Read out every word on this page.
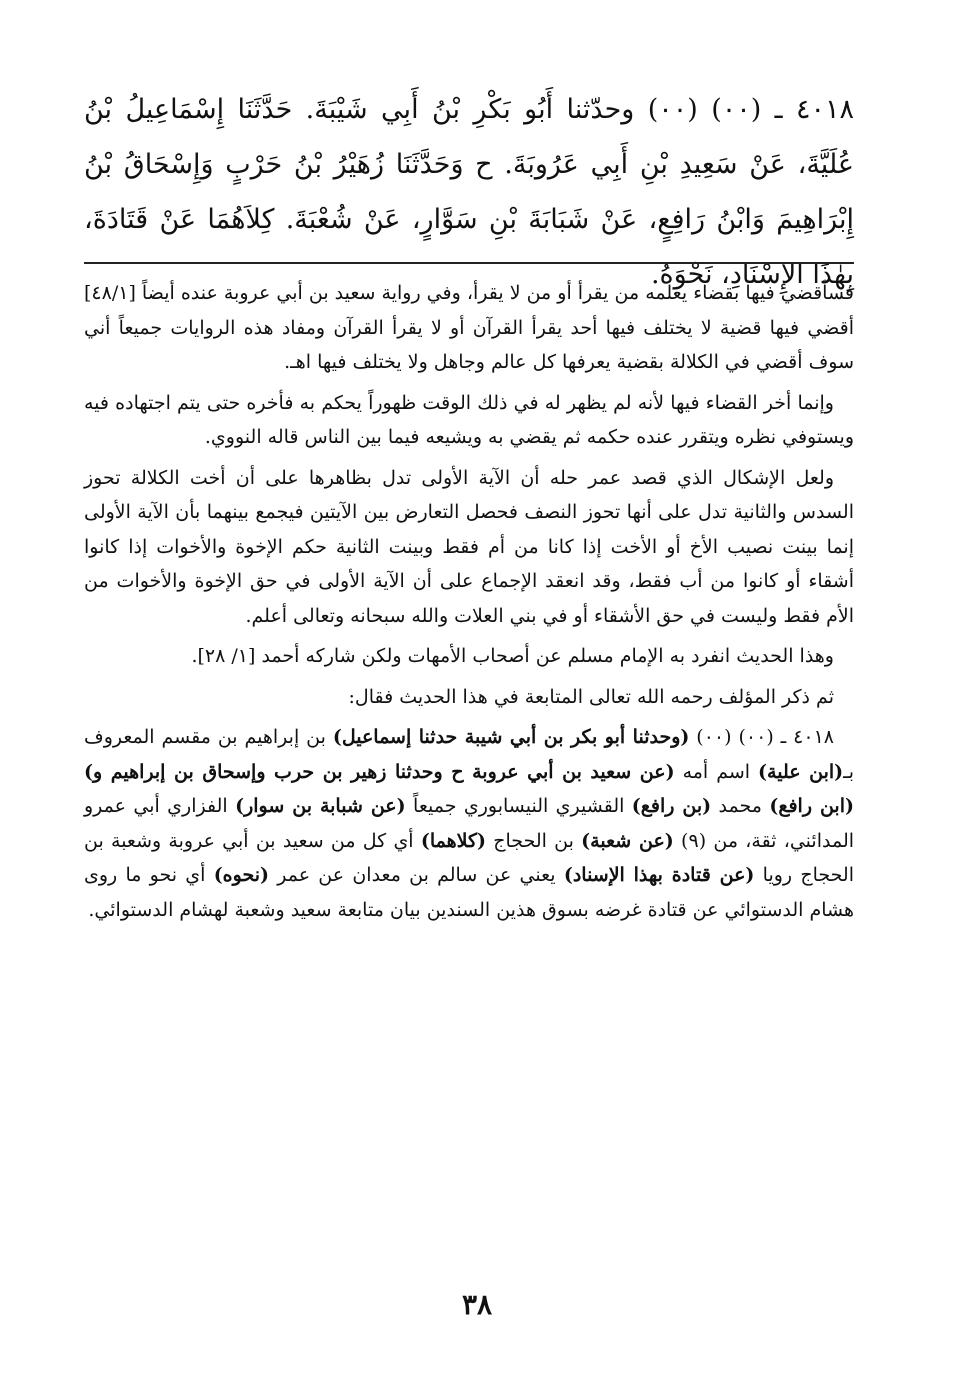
٤٠١٨ ـ (٠٠) (٠٠) وحدّثنا أَبُو بَكْرِ بْنُ أَبِي شَيْبَةَ. حَدَّثَنَا إِسْمَاعِيلُ بْنُ عُلَيَّةَ، عَنْ سَعِيدِ بْنِ أَبِي عَرُوبَةَ. ح وَحَدَّثَنَا زُهَيْرُ بْنُ حَرْبٍ وَإِسْحَاقُ بْنُ إِبْرَاهِيمَ وَابْنُ رَافِعٍ، عَنْ شَبَابَةَ بْنِ سَوَّارٍ، عَنْ شُعْبَةَ. كِلاَهُمَا عَنْ قَتَادَةَ، بِهٰذَا الإِسْنَادِ، نَحْوَهُ.

فسأقضي فيها بقضاء يعلمه من يقرأ أو من لا يقرأ، وفي رواية سعيد بن أبي عروبة عنده أيضاً [٤٨/١] أقضي فيها قضية لا يختلف فيها أحد يقرأ القرآن أو لا يقرأ القرآن ومفاد هذه الروايات جميعاً أني سوف أقضي في الكلالة بقضية يعرفها كل عالم وجاهل ولا يختلف فيها اهـ.

وإنما أخر القضاء فيها لأنه لم يظهر له في ذلك الوقت ظهوراً يحكم به فأخره حتى يتم اجتهاده فيه ويستوفي نظره ويتقرر عنده حكمه ثم يقضي به ويشيعه فيما بين الناس قاله النووي.

ولعل الإشكال الذي قصد عمر حله أن الآية الأولى تدل بظاهرها على أن أخت الكلالة تحوز السدس والثانية تدل على أنها تحوز النصف فحصل التعارض بين الآيتين فيجمع بينهما بأن الآية الأولى إنما بينت نصيب الأخ أو الأخت إذا كانا من أم فقط وبينت الثانية حكم الإخوة والأخوات إذا كانوا أشقاء أو كانوا من أب فقط، وقد انعقد الإجماع على أن الآية الأولى في حق الإخوة والأخوات من الأم فقط وليست في حق الأشقاء أو في بني العلات والله سبحانه وتعالى أعلم.

وهذا الحديث انفرد به الإمام مسلم عن أصحاب الأمهات ولكن شاركه أحمد [١/ ٢٨].

ثم ذكر المؤلف رحمه الله تعالى المتابعة في هذا الحديث فقال:

٤٠١٨ ـ (٠٠) (٠٠) (وحدثنا أبو بكر بن أبي شيبة حدثنا إسماعيل) بن إبراهيم بن مقسم المعروف بـ(ابن علية) اسم أمه (عن سعيد بن أبي عروبة ح وحدثنا زهير بن حرب وإسحاق بن إبراهيم و) (ابن رافع) محمد (بن رافع) القشيري النيسابوري جميعاً (عن شبابة بن سوار) الفزاري أبي عمرو المدائني، ثقة، من (٩) (عن شعبة) بن الحجاج (كلاهما) أي كل من سعيد بن أبي عروبة وشعبة بن الحجاج رويا (عن قتادة بهذا الإسناد) يعني عن سالم بن معدان عن عمر (نحوه) أي نحو ما روى هشام الدستوائي عن قتادة غرضه بسوق هذين السندين بيان متابعة سعيد وشعبة لهشام الدستوائي.

٣٨
